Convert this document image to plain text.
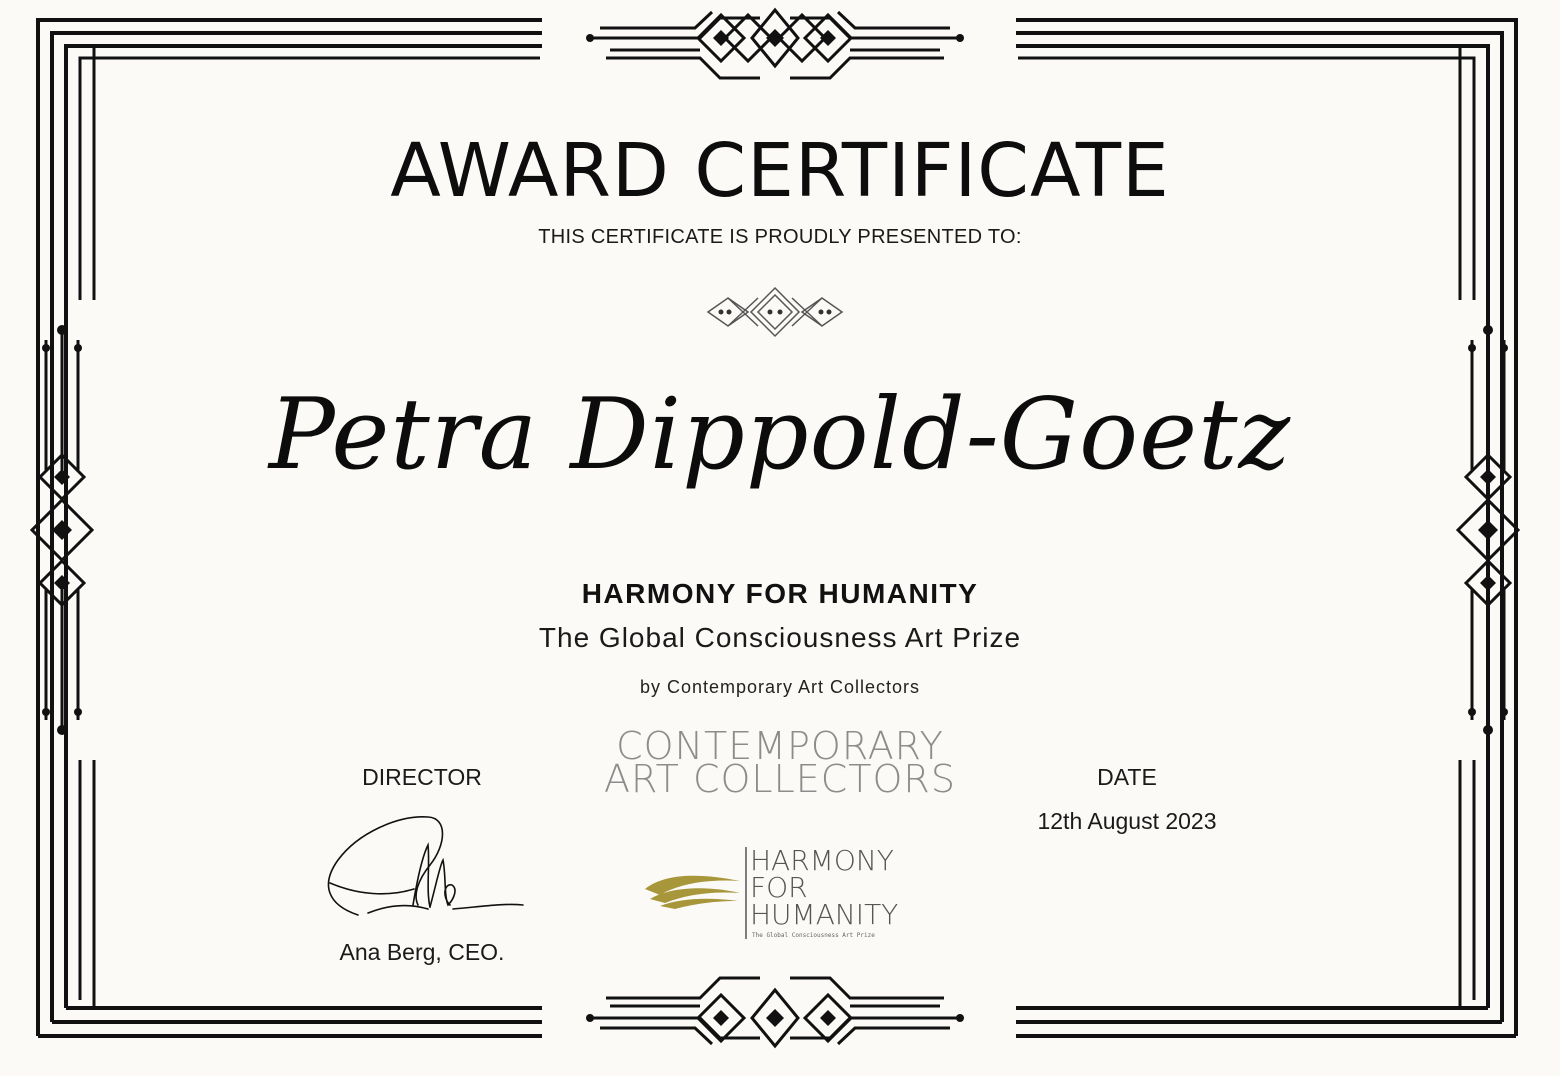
AWARD CERTIFICATE
THIS CERTIFICATE IS PROUDLY PRESENTED TO:
Petra Dippold-Goetz
HARMONY FOR HUMANITY
The Global Consciousness Art Prize
by Contemporary Art Collectors
DIRECTOR
Ana Berg, CEO.
CONTEMPORARY
ART COLLECTORS
HARMONY
FOR
HUMANITY
The Global Consciousness Art Prize
DATE
12th August 2023
